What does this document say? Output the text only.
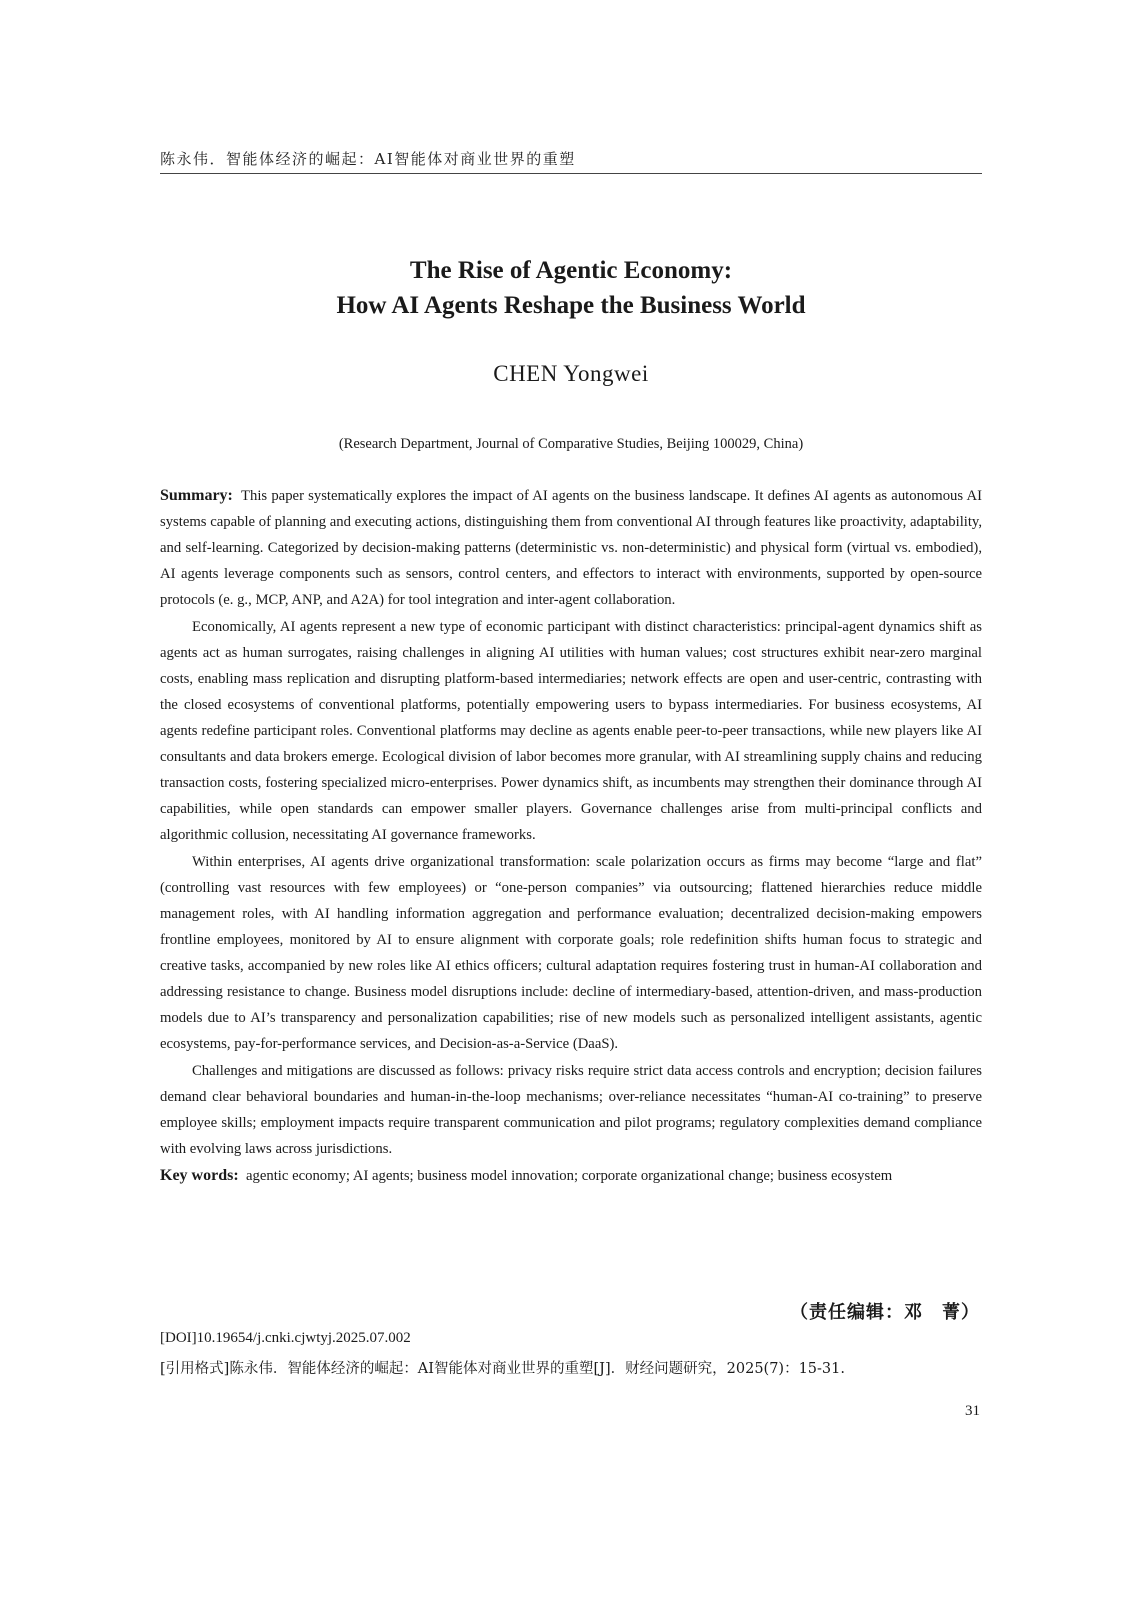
陈永伟．智能体经济的崛起：AI智能体对商业世界的重塑
The Rise of Agentic Economy:
How AI Agents Reshape the Business World
CHEN Yongwei
(Research Department, Journal of Comparative Studies, Beijing 100029, China)

Summary: This paper systematically explores the impact of AI agents on the business landscape. It defines AI agents as autonomous AI systems capable of planning and executing actions, distinguishing them from conventional AI through features like proactivity, adaptability, and self-learning. Categorized by decision-making patterns (deterministic vs. non-deterministic) and physical form (virtual vs. embodied), AI agents leverage components such as sensors, control centers, and effectors to interact with environments, supported by open-source protocols (e. g., MCP, ANP, and A2A) for tool integration and inter-agent collaboration.

Economically, AI agents represent a new type of economic participant with distinct characteristics: principal-agent dynamics shift as agents act as human surrogates, raising challenges in aligning AI utilities with human values; cost structures exhibit near-zero marginal costs, enabling mass replication and disrupting platform-based intermediaries; network effects are open and user-centric, contrasting with the closed ecosystems of conventional platforms, potentially empowering users to bypass intermediaries. For business ecosystems, AI agents redefine participant roles. Conventional platforms may decline as agents enable peer-to-peer transactions, while new players like AI consultants and data brokers emerge. Ecological division of labor becomes more granular, with AI streamlining supply chains and reducing transaction costs, fostering specialized micro-enterprises. Power dynamics shift, as incumbents may strengthen their dominance through AI capabilities, while open standards can empower smaller players. Governance challenges arise from multi-principal conflicts and algorithmic collusion, necessitating AI governance frameworks.

Within enterprises, AI agents drive organizational transformation: scale polarization occurs as firms may become “large and flat” (controlling vast resources with few employees) or “one-person companies” via outsourcing; flattened hierarchies reduce middle management roles, with AI handling information aggregation and performance evaluation; decentralized decision-making empowers frontline employees, monitored by AI to ensure alignment with corporate goals; role redefinition shifts human focus to strategic and creative tasks, accompanied by new roles like AI ethics officers; cultural adaptation requires fostering trust in human-AI collaboration and addressing resistance to change. Business model disruptions include: decline of intermediary-based, attention-driven, and mass-production models due to AI’s transparency and personalization capabilities; rise of new models such as personalized intelligent assistants, agentic ecosystems, pay-for-performance services, and Decision-as-a-Service (DaaS).

Challenges and mitigations are discussed as follows: privacy risks require strict data access controls and encryption; decision failures demand clear behavioral boundaries and human-in-the-loop mechanisms; over-reliance necessitates “human-AI co-training” to preserve employee skills; employment impacts require transparent communication and pilot programs; regulatory complexities demand compliance with evolving laws across jurisdictions.

Key words: agentic economy; AI agents; business model innovation; corporate organizational change; business ecosystem

（责任编辑：邓　菁）
[DOI]10.19654/j.cnki.cjwtyj.2025.07.002
[引用格式]陈永伟．智能体经济的崛起：AI智能体对商业世界的重塑[J]．财经问题研究，2025(7)：15-31.
31
